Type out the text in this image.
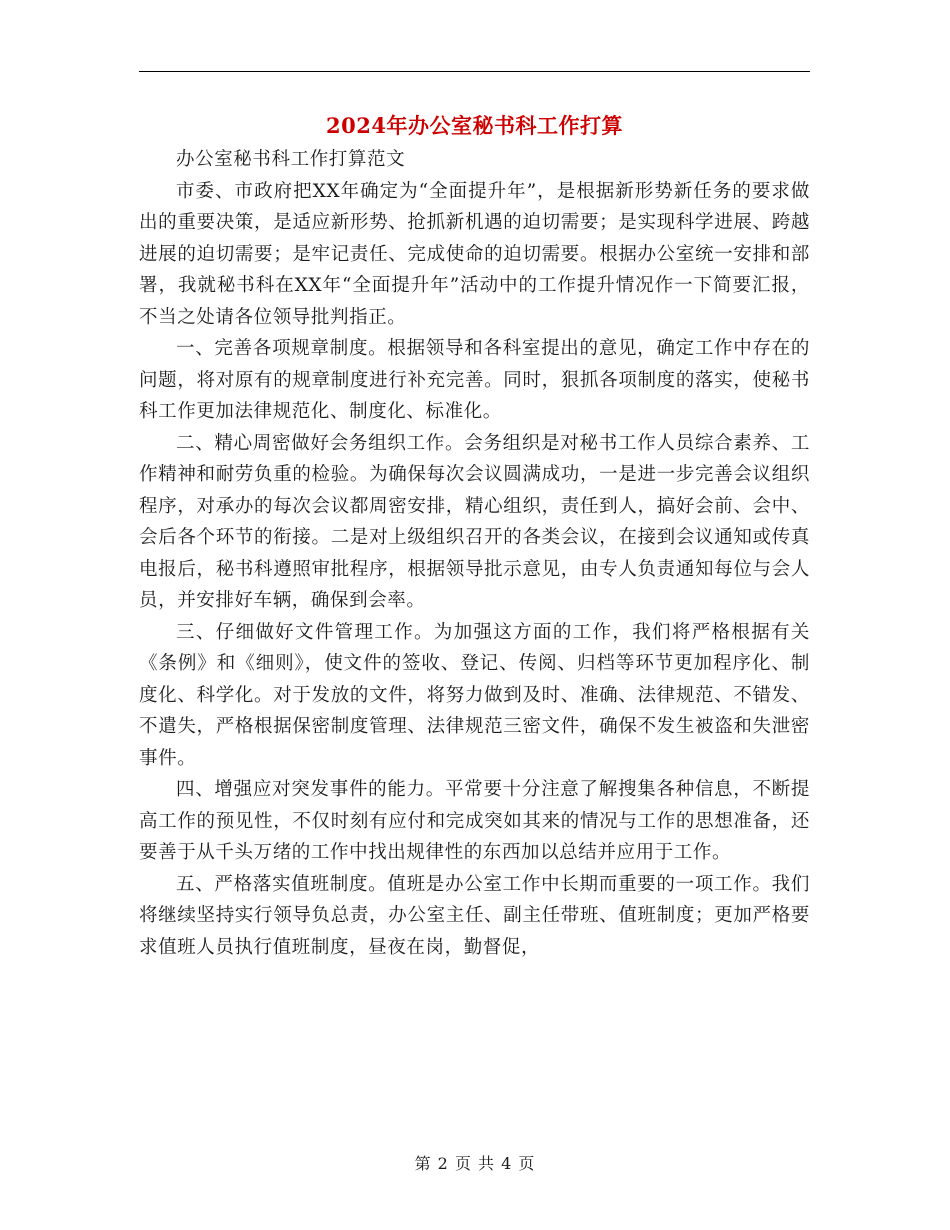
2024年办公室秘书科工作打算

办公室秘书科工作打算范文

市委、市政府把XX年确定为“全面提升年”，是根据新形势新任务的要求做出的重要决策，是适应新形势、抢抓新机遇的迫切需要；是实现科学进展、跨越进展的迫切需要；是牢记责任、完成使命的迫切需要。根据办公室统一安排和部署，我就秘书科在XX年“全面提升年”活动中的工作提升情况作一下简要汇报，不当之处请各位领导批判指正。

一、完善各项规章制度。根据领导和各科室提出的意见，确定工作中存在的问题，将对原有的规章制度进行补充完善。同时，狠抓各项制度的落实，使秘书科工作更加法律规范化、制度化、标准化。

二、精心周密做好会务组织工作。会务组织是对秘书工作人员综合素养、工作精神和耐劳负重的检验。为确保每次会议圆满成功，一是进一步完善会议组织程序，对承办的每次会议都周密安排，精心组织，责任到人，搞好会前、会中、会后各个环节的衔接。二是对上级组织召开的各类会议，在接到会议通知或传真电报后，秘书科遵照审批程序，根据领导批示意见，由专人负责通知每位与会人员，并安排好车辆，确保到会率。

三、仔细做好文件管理工作。为加强这方面的工作，我们将严格根据有关《条例》和《细则》，使文件的签收、登记、传阅、归档等环节更加程序化、制度化、科学化。对于发放的文件，将努力做到及时、准确、法律规范、不错发、不遣失，严格根据保密制度管理、法律规范三密文件，确保不发生被盗和失泄密事件。

四、增强应对突发事件的能力。平常要十分注意了解搜集各种信息，不断提高工作的预见性，不仅时刻有应付和完成突如其来的情况与工作的思想准备，还要善于从千头万绪的工作中找出规律性的东西加以总结并应用于工作。

五、严格落实值班制度。值班是办公室工作中长期而重要的一项工作。我们将继续坚持实行领导负总责，办公室主任、副主任带班、值班制度；更加严格要求值班人员执行值班制度，昼夜在岗，勤督促，

第 2 页 共 4 页
